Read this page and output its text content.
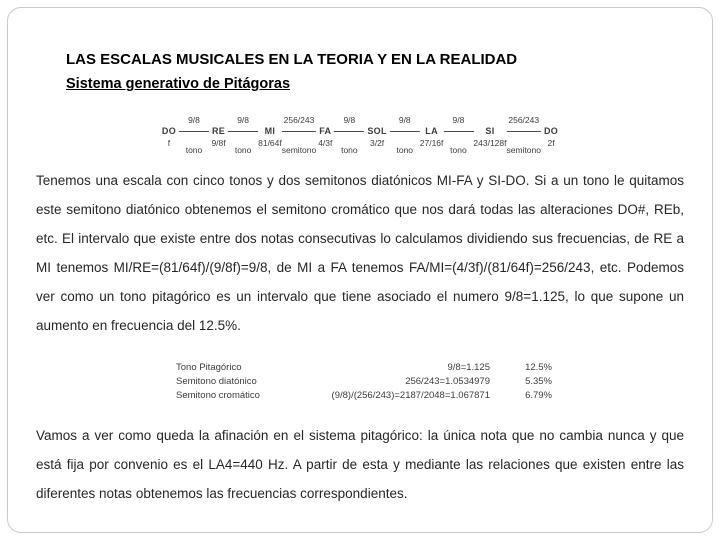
LAS ESCALAS MUSICALES EN LA TEORIA Y EN LA REALIDAD
Sistema generativo de Pitágoras
DO
f
9/8
tono
RE
9/8f
9/8
tono
MI
81/64f
256/243
semitono
FA
4/3f
9/8
tono
SOL
3/2f
9/8
tono
LA
27/16f
9/8
tono
SI
243/128f
256/243
semitono
DO
2f

Tenemos una escala con cinco tonos y dos semitonos diatónicos MI-FA y SI-DO. Si a un tono le quitamos este semitono diatónico obtenemos el semitono cromático que nos dará todas las alteraciones DO#, REb, etc. El intervalo que existe entre dos notas consecutivas lo calculamos dividiendo sus frecuencias, de RE a MI tenemos MI/RE=(81/64f)/(9/8f)=9/8, de MI a FA tenemos FA/MI=(4/3f)/(81/64f)=256/243, etc. Podemos ver como un tono pitagórico es un intervalo que tiene asociado el numero 9/8=1.125, lo que supone un aumento en frecuencia del 12.5%.

Tono Pitagórico	9/8=1.125	12.5%
Semitono diatónico	256/243=1.0534979	5.35%
Semitono cromático	(9/8)/(256/243)=2187/2048=1.067871	6.79%

Vamos a ver como queda la afinación en el sistema pitagórico: la única nota que no cambia nunca y que está fija por convenio es el LA4=440 Hz. A partir de esta y mediante las relaciones que existen entre las diferentes notas obtenemos las frecuencias correspondientes.
